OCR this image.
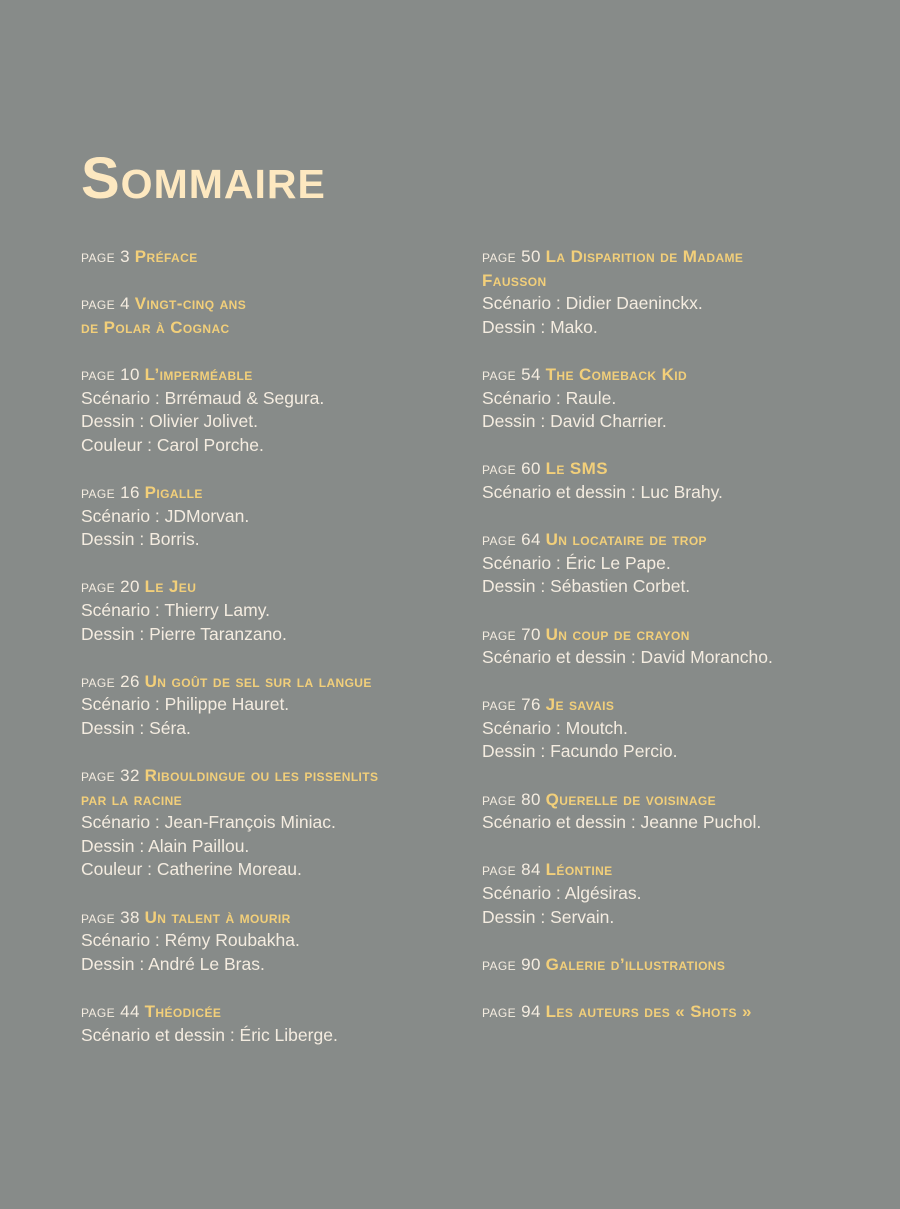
Sommaire
page 3 Préface
page 4 Vingt-cinq ans
de Polar à Cognac
page 10 L’imperméable
Scénario : Brrémaud & Segura.
Dessin : Olivier Jolivet.
Couleur : Carol Porche.
page 16 Pigalle
Scénario : JDMorvan.
Dessin : Borris.
page 20 Le Jeu
Scénario : Thierry Lamy.
Dessin : Pierre Taranzano.
page 26 Un goût de sel sur la langue
Scénario : Philippe Hauret.
Dessin : Séra.
page 32 Ribouldingue ou les pissenlits
par la racine
Scénario : Jean-François Miniac.
Dessin : Alain Paillou.
Couleur : Catherine Moreau.
page 38 Un talent à mourir
Scénario : Rémy Roubakha.
Dessin : André Le Bras.
page 44 Théodicée
Scénario et dessin : Éric Liberge.
page 50 La Disparition de Madame
Fausson
Scénario : Didier Daeninckx.
Dessin : Mako.
page 54 The Comeback Kid
Scénario : Raule.
Dessin : David Charrier.
page 60 Le SMS
Scénario et dessin : Luc Brahy.
page 64 Un locataire de trop
Scénario : Éric Le Pape.
Dessin : Sébastien Corbet.
page 70 Un coup de crayon
Scénario et dessin : David Morancho.
page 76 Je savais
Scénario : Moutch.
Dessin : Facundo Percio.
page 80 Querelle de voisinage
Scénario et dessin : Jeanne Puchol.
page 84 Léontine
Scénario : Algésiras.
Dessin : Servain.
page 90 Galerie d’illustrations
page 94 Les auteurs des « Shots »
